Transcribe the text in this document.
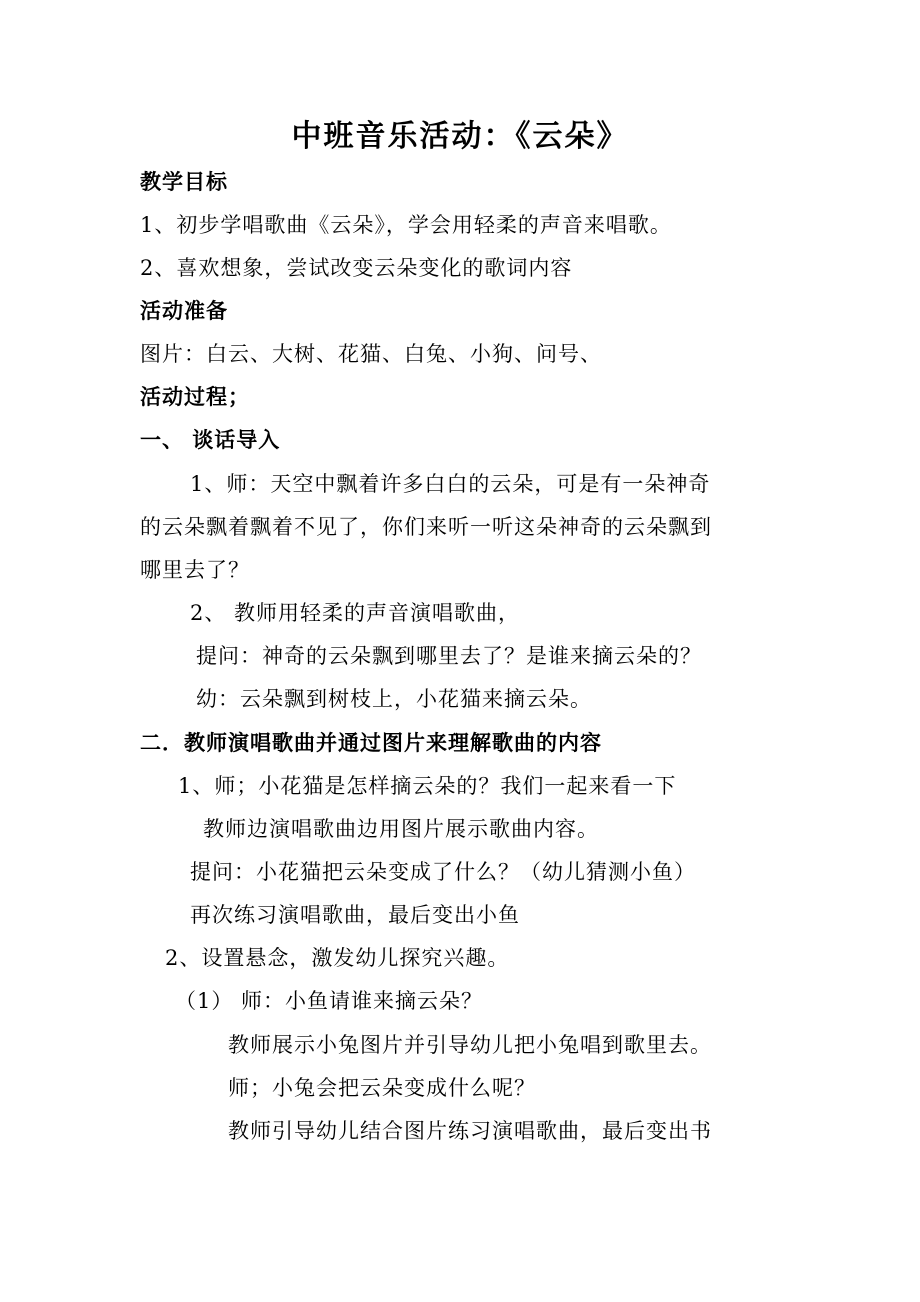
中班音乐活动：《云朵》
教学目标
1、初步学唱歌曲《云朵》，学会用轻柔的声音来唱歌。
2、喜欢想象，尝试改变云朵变化的歌词内容
活动准备
图片：白云、大树、花猫、白兔、小狗、问号、
活动过程；
一、 谈话导入
1、师：天空中飘着许多白白的云朵，可是有一朵神奇
的云朵飘着飘着不见了，你们来听一听这朵神奇的云朵飘到
哪里去了？
2、 教师用轻柔的声音演唱歌曲，
提问：神奇的云朵飘到哪里去了？是谁来摘云朵的？
幼：云朵飘到树枝上，小花猫来摘云朵。
二．教师演唱歌曲并通过图片来理解歌曲的内容
1、师；小花猫是怎样摘云朵的？我们一起来看一下
教师边演唱歌曲边用图片展示歌曲内容。
提问：小花猫把云朵变成了什么？（幼儿猜测小鱼）
再次练习演唱歌曲，最后变出小鱼
2、设置悬念，激发幼儿探究兴趣。
（1） 师：小鱼请谁来摘云朵？
教师展示小兔图片并引导幼儿把小兔唱到歌里去。
师；小兔会把云朵变成什么呢？
教师引导幼儿结合图片练习演唱歌曲，最后变出书
